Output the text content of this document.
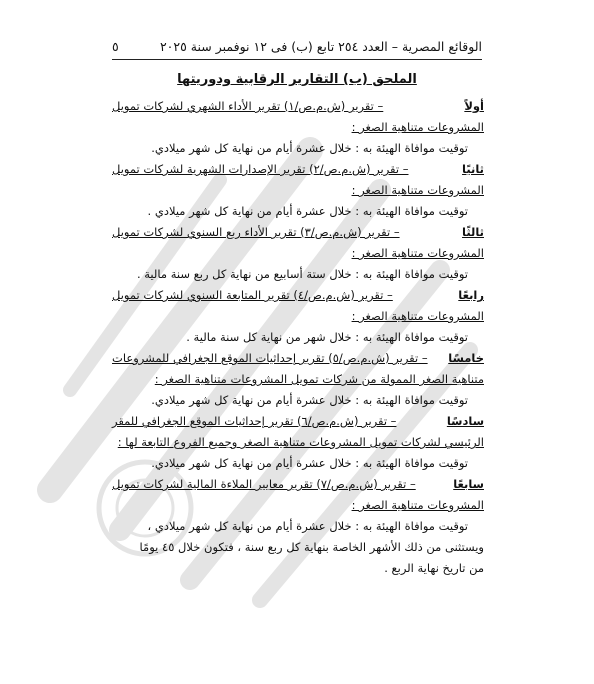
الوقائع المصرية – العدد ٢٥٤ تابع (ب) فى ١٢ نوفمبر سنة ٢٠٢٥
٥
الملحق (ب) التقارير الرقابية ودوريتها
أولاً
– تقرير (ش.م.ص/١) تقرير الأداء الشهري لشركات تمويل
المشروعات متناهية الصغر :
توقيت موافاة الهيئة به : خلال عشرة أيام من نهاية كل شهر ميلادي.
ثانيًا
– تقرير (ش.م.ص/٢) تقرير الإصدارات الشهرية لشركات تمويل
المشروعات متناهية الصغر :
توقيت موافاة الهيئة به : خلال عشرة أيام من نهاية كل شهر ميلادي .
ثالثًا
– تقرير (ش.م.ص/٣) تقرير الأداء ربع السنوي لشركات تمويل
المشروعات متناهية الصغر :
توقيت موافاة الهيئة به : خلال ستة أسابيع من نهاية كل ربع سنة مالية .
رابعًا
– تقرير (ش.م.ص/٤) تقرير المتابعة السنوي لشركات تمويل
المشروعات متناهية الصغر :
توقيت موافاة الهيئة به : خلال شهر من نهاية كل سنة مالية .
خامسًا
– تقرير (ش.م.ص/٥) تقرير إحداثيات الموقع الجغرافي للمشروعات
متناهية الصغر الممولة من شركات تمويل المشروعات متناهية الصغر :
توقيت موافاة الهيئة به : خلال عشرة أيام من نهاية كل شهر ميلادي.
سادسًا
– تقرير (ش.م.ص/٦) تقرير إحداثيات الموقع الجغرافي للمقر
الرئيسي لشركات تمويل المشروعات متناهية الصغر وجميع الفروع التابعة لها :
توقيت موافاة الهيئة به : خلال عشرة أيام من نهاية كل شهر ميلادي.
سابعًا
– تقرير (ش.م.ص/٧) تقرير معايير الملاءة المالية لشركات تمويل
المشروعات متناهية الصغر :
توقيت موافاة الهيئة به : خلال عشرة أيام من نهاية كل شهر ميلادي ،
ويستثنى من ذلك الأشهر الخاصة بنهاية كل ربع سنة ، فتكون خلال ٤٥ يومًا
من تاريخ نهاية الربع .
